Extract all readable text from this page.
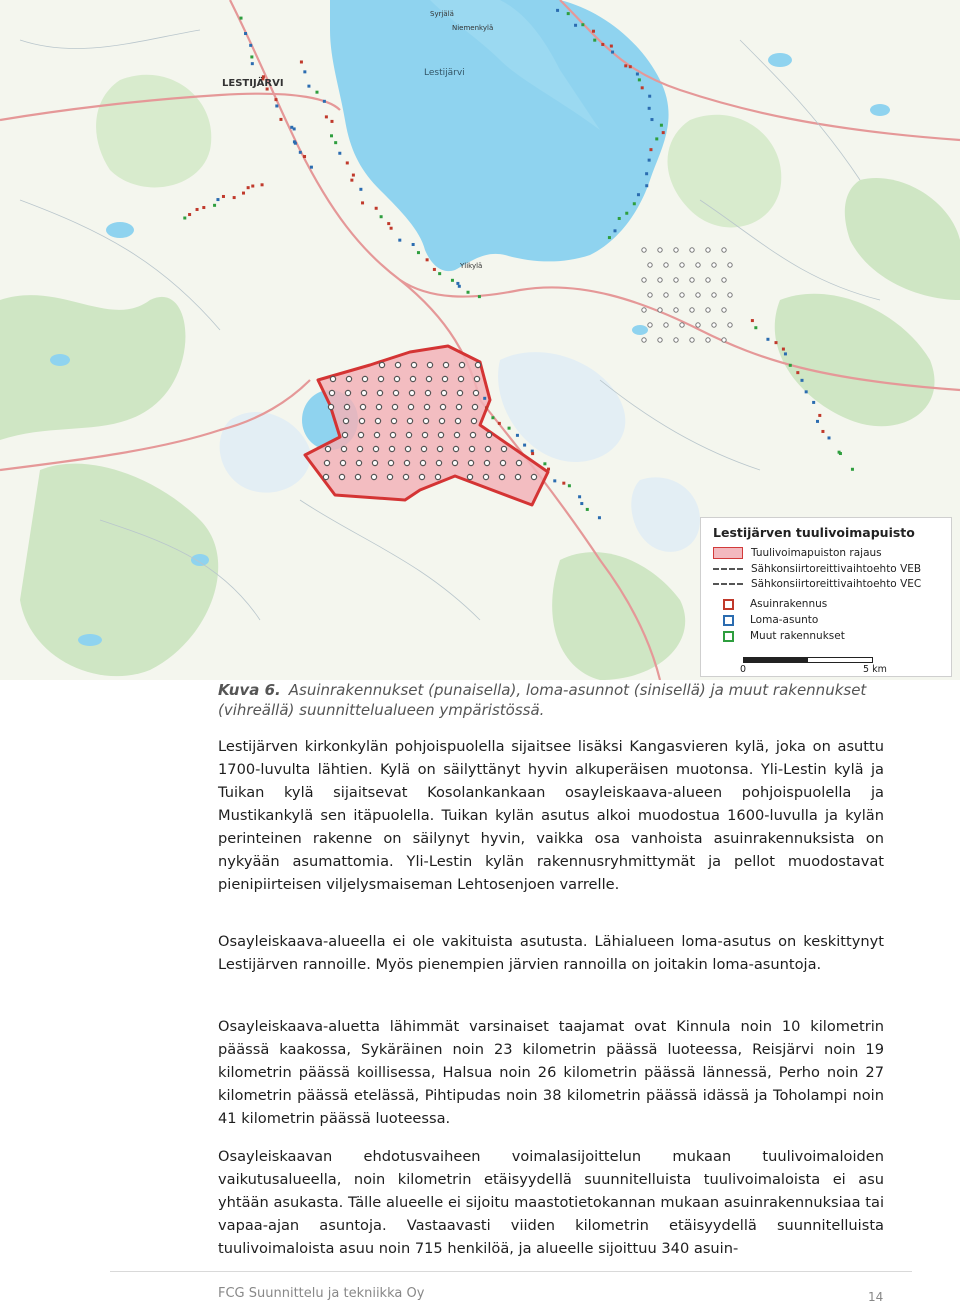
LESTIJÄRVI
Lestijärvi
Syrjälä
Niemenkylä
Ylikylä
Lestijärven tuulivoimapuisto
Tuulivoimapuiston rajaus
Sähkonsiirtoreittivaihtoehto VEB
Sähkonsiirtoreittivaihtoehto VEC
Asuinrakennus
Loma-asunto
Muut rakennukset
0	5 km
Kuva 6. Asuinrakennukset (punaisella), loma-asunnot (sinisellä) ja muut rakennukset (vihreällä) suunnittelualueen ympäristössä.

Lestijärven kirkonkylän pohjoispuolella sijaitsee lisäksi Kangasvieren kylä, joka on asuttu 1700-luvulta lähtien. Kylä on säilyttänyt hyvin alkuperäisen muotonsa. Yli-Lestin kylä ja Tuikan kylä sijaitsevat Kosolankankaan osayleiskaava-alueen pohjoispuolella ja Mustikankylä sen itäpuolella. Tuikan kylän asutus alkoi muodostua 1600-luvulla ja kylän perinteinen rakenne on säilynyt hyvin, vaikka osa vanhoista asuinrakennuksista on nykyään asumattomia. Yli-Lestin kylän rakennusryhmittymät ja pellot muodostavat pienipiirteisen viljelysmaiseman Lehtosenjoen varrelle.

Osayleiskaava-alueella ei ole vakituista asutusta. Lähialueen loma-asutus on keskittynyt Lestijärven rannoille. Myös pienempien järvien rannoilla on joitakin loma-asuntoja.

Osayleiskaava-aluetta lähimmät varsinaiset taajamat ovat Kinnula noin 10 kilometrin päässä kaakossa, Sykäräinen noin 23 kilometrin päässä luoteessa, Reisjärvi noin 19 kilometrin päässä koillisessa, Halsua noin 26 kilometrin päässä lännessä, Perho noin 27 kilometrin päässä etelässä, Pihtipudas noin 38 kilometrin päässä idässä ja Toholampi noin 41 kilometrin päässä luoteessa.

Osayleiskaavan ehdotusvaiheen voimalasijoittelun mukaan tuulivoimaloiden vaikutusalueella, noin kilometrin etäisyydellä suunnitelluista tuulivoimaloista ei asu yhtään asukasta. Tälle alueelle ei sijoitu maastotietokannan mukaan asuinrakennuksiaa tai vapaa-ajan asuntoja. Vastaavasti viiden kilometrin etäisyydellä suunnitelluista tuulivoimaloista asuu noin 715 henkilöä, ja alueelle sijoittuu 340 asuin-

FCG Suunnittelu ja tekniikka Oy	14
